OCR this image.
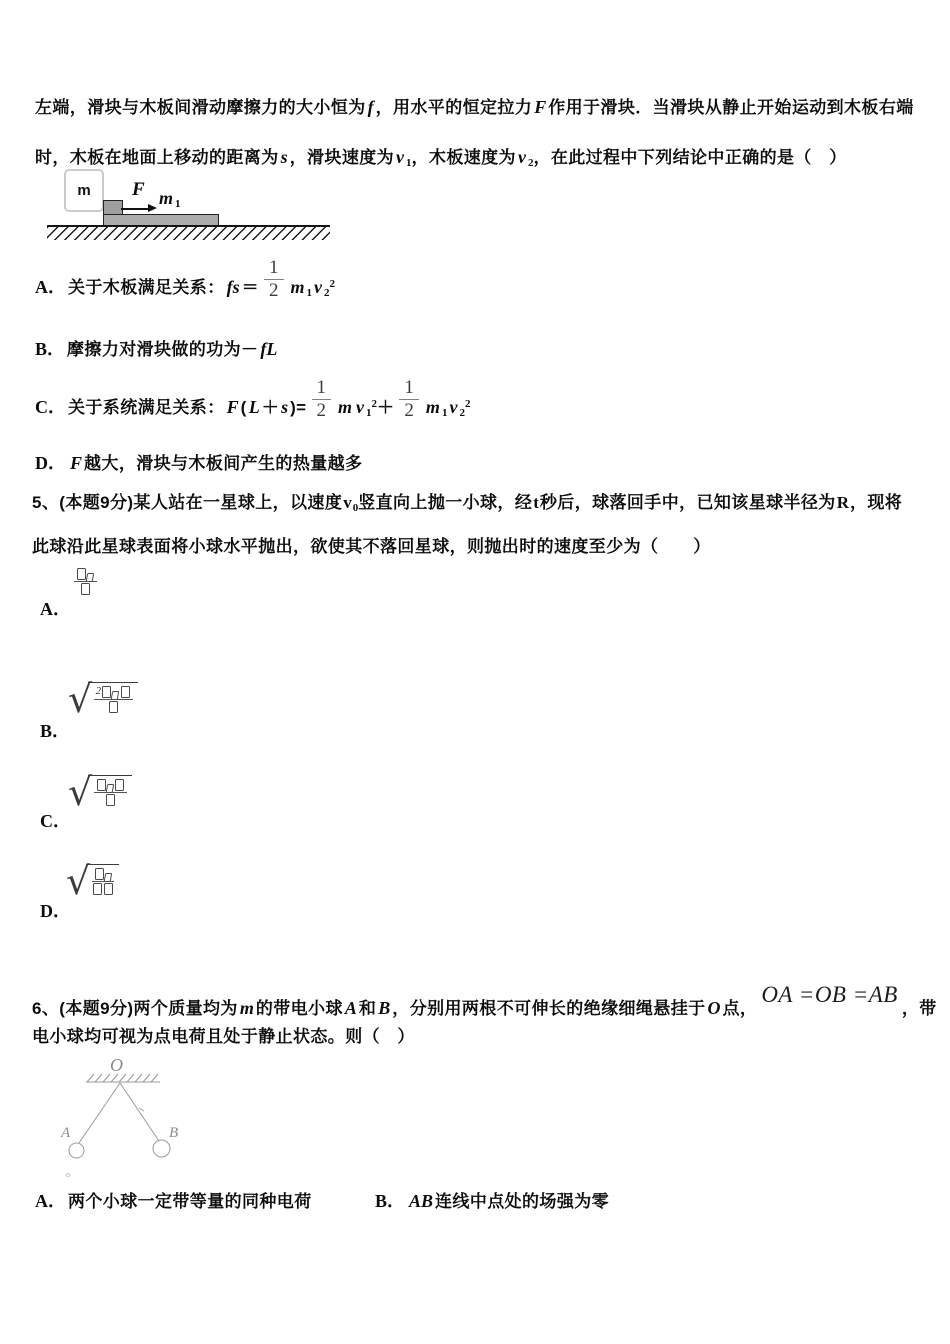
左端，滑块与木板间滑动摩擦力的大小恒为 f ，用水平的恒定拉力 F 作用于滑块．当滑块从静止开始运动到木板右端
时，木板在地面上移动的距离为 s ，滑块速度为 v 1，木板速度为 v 2，在此过程中下列结论中正确的是（　）
m F m 1
A． 关于木板满足关系： fs ＝ $\frac{1}{2}$ m 1 v $2^2$
B． 摩擦力对滑块做的功为－ fL
C． 关于系统满足关系： F ( L ＋ s )= $\frac{1}{2}$ m v $1^2+ \frac{1}{2}$ m 1 v $2^2$
D． F 越大，滑块与木板间产生的热量越多
5、(本题9分)某人站在一星球上，以速度v0竖直向上抛一小球，经t秒后，球落回手中，已知该星球半径为R，现将
此球沿此星球表面将小球水平抛出，欲使其不落回星球，则抛出时的速度至少为（　　）
A．
B．
√ 2
C．
√
D．
√
6、(本题9分)两个质量均为 m 的带电小球 A 和 B ，分别用两根不可伸长的绝缘细绳悬挂于 O 点，OA =OB =AB，带
电小球均可视为点电荷且处于静止状态。则（　）
O
A	B
A． 两个小球一定带等量的同种电荷	B． AB 连线中点处的场强为零
